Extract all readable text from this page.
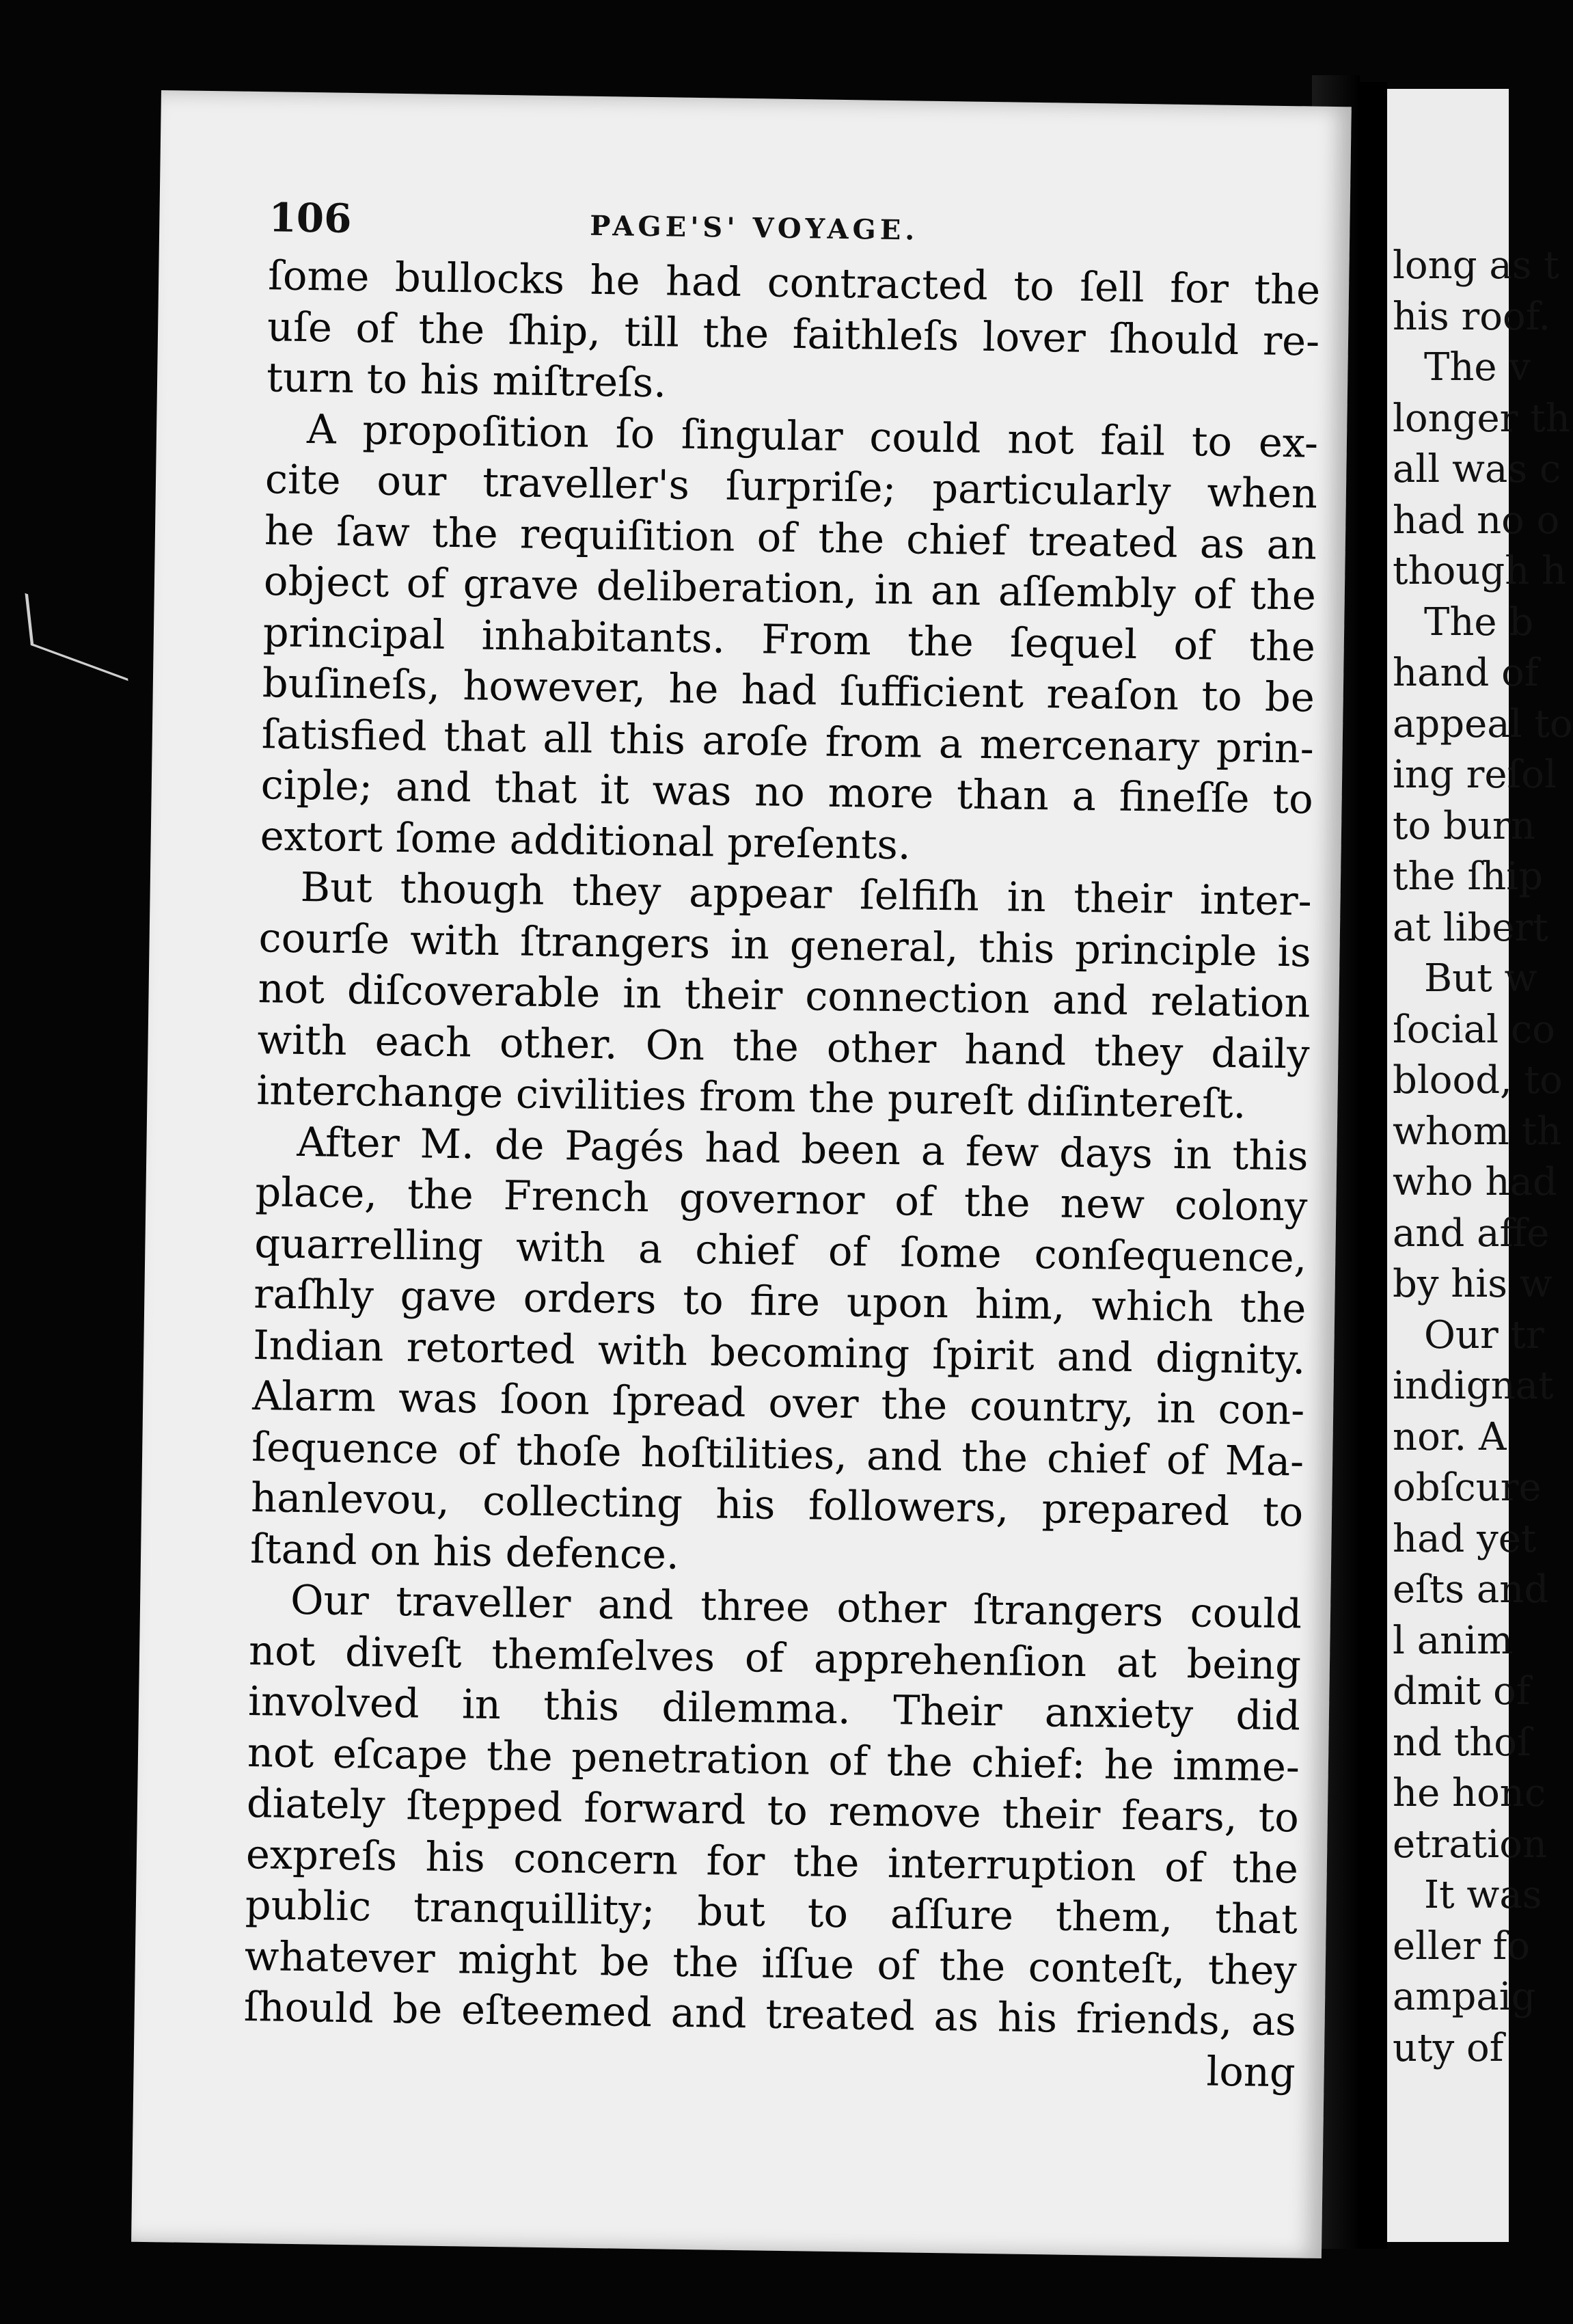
106	PAGE'S' VOYAGE.
ſome bullocks he had contracted to ſell for the
uſe of the ſhip, till the faithleſs lover ſhould re-
turn to his miſtreſs.
A propoſition ſo ſingular could not fail to ex-
cite our traveller's ſurpriſe; particularly when
he ſaw the requiſition of the chief treated as an
object of grave deliberation, in an aſſembly of the
principal inhabitants. From the ſequel of the
buſineſs, however, he had ſufficient reaſon to be
ſatisfied that all this aroſe from a mercenary prin-
ciple; and that it was no more than a fineſſe to
extort ſome additional preſents.
But though they appear ſelfiſh in their inter-
courſe with ſtrangers in general, this principle is
not diſcoverable in their connection and relation
with each other. On the other hand they daily
interchange civilities from the pureſt diſintereſt.
After M. de Pagés had been a few days in this
place, the French governor of the new colony
quarrelling with a chief of ſome conſequence,
raſhly gave orders to fire upon him, which the
Indian retorted with becoming ſpirit and dignity.
Alarm was ſoon ſpread over the country, in con-
ſequence of thoſe hoſtilities, and the chief of Ma-
hanlevou, collecting his followers, prepared to
ſtand on his defence.
Our traveller and three other ſtrangers could
not diveſt themſelves of apprehenſion at being
involved in this dilemma. Their anxiety did
not eſcape the penetration of the chief: he imme-
diately ſtepped forward to remove their fears, to
expreſs his concern for the interruption of the
public tranquillity; but to aſſure them, that
whatever might be the iſſue of the conteſt, they
ſhould be eſteemed and treated as his friends, as
long
long as t
his roof.
The v
longer th
all was c
had no o
though h
The b
hand of
appeal to
ing reſol
to burn
the ſhip
at libert
But w
ſocial co
blood, to
whom th
who had
and affe
by his w
Our tr
indignat
nor. A
obſcure
had yet
eſts and
l anim
dmit of
nd thoſ
he honc
etration
It was
eller fo
ampaig
uty of
